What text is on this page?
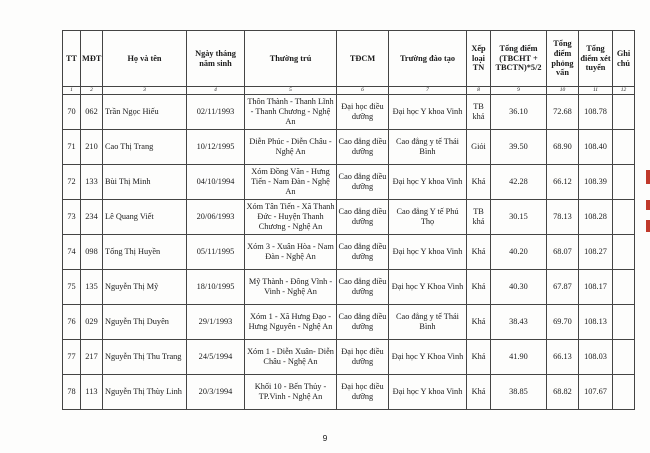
TT	MĐT	Họ và tên	Ngày tháng năm sinh	Thường trú	TĐCM	Trường đào tạo	Xếp loại TN	Tổng điểm (TBCHT + TBCTN)*5/2	Tổng điểm phỏng vấn	Tổng điểm xét tuyển	Ghi chú
1	2	3	4	5	6	7	8	9	10	11	12
70	062	Trần Ngọc Hiếu	02/11/1993	Thôn Thành - Thanh Lĩnh - Thanh Chương - Nghệ An	Đại học điều dưỡng	Đại học Y khoa Vinh	TB khá	36.10	72.68	108.78	
71	210	Cao Thị Trang	10/12/1995	Diễn Phúc - Diễn Châu - Nghệ An	Cao đẳng điều dưỡng	Cao đẳng y tế Thái Bình	Giỏi	39.50	68.90	108.40	
72	133	Bùi Thị Minh	04/10/1994	Xóm Đồng Văn - Hưng Tiến - Nam Đàn - Nghệ An	Cao đẳng điều dưỡng	Đại học Y khoa Vinh	Khá	42.28	66.12	108.39	
73	234	Lê Quang Viết	20/06/1993	Xóm Tân Tiến - Xã Thanh Đức - Huyện Thanh Chương - Nghệ An	Cao đẳng điều dưỡng	Cao đẳng Y tế Phú Thọ	TB khá	30.15	78.13	108.28	
74	098	Tống Thị Huyền	05/11/1995	Xóm 3 - Xuân Hòa - Nam Đàn - Nghệ An	Cao đẳng điều dưỡng	Đại học Y khoa Vinh	Khá	40.20	68.07	108.27	
75	135	Nguyễn Thị Mỹ	18/10/1995	Mỹ Thành - Đông Vĩnh - Vinh - Nghệ An	Cao đẳng điều dưỡng	Đại học Y Khoa Vinh	Khá	40.30	67.87	108.17	
76	029	Nguyễn Thị Duyên	29/1/1993	Xóm 1 - Xã Hưng Đạo - Hưng Nguyên - Nghệ An	Cao đẳng điều dưỡng	Cao đẳng y tế Thái Bình	Khá	38.43	69.70	108.13	
77	217	Nguyễn Thị Thu Trang	24/5/1994	Xóm 1 - Diễn Xuân- Diễn Châu - Nghệ An	Đại học điều dưỡng	Đại học Y Khoa Vinh	Khá	41.90	66.13	108.03	
78	113	Nguyễn Thị Thùy Linh	20/3/1994	Khối 10 - Bến Thủy - TP.Vinh - Nghệ An	Đại học điều dưỡng	Đại học Y khoa Vinh	Khá	38.85	68.82	107.67	
9
